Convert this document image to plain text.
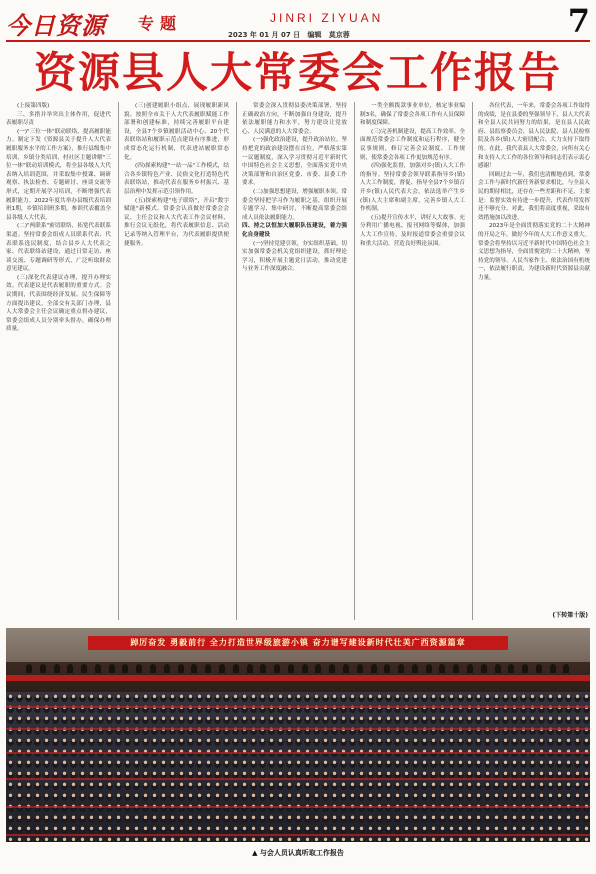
今日资源 专题	JINRI ZIYUAN
2023 年 01 月 07 日   编辑   莫京蓉	7
资源县人大常委会工作报告

(上接第四版)

三、多措并举突出主体作用，促进代表履职尽责

(一)"三位一体"联动联络，提高履职能力。制定下发《资源县关于提升人大代表履职服务水平的工作方案》，推行县级集中培训、乡镇分类培训、村社区主题讲解"三位一体"联动培训模式，将全县各级人大代表纳入培训范围，并采取集中授课、调研观察、执法检查、专题研讨、座谈交流等形式，定期开展学习培训，不断增强代表履职能力。2022年度共举办县级代表培训班1期，乡镇培训班多期，参训代表覆盖全县各级人大代表。

(二)"两联系"密切联络，拓宽代表联系渠道。坚持常委会组成人员联系代表、代表联系选民制度，结合县乡人大代表之家、代表联络站建设，通过日常走访、座谈交流、专题调研等形式，广泛听取群众意见建议。

(三)深化代表建议办理，提升办理实效。代表建议是代表履职的重要方式。会议期间，代表围绕经济发展、民生保障等方面提出建议，全部交有关部门办理，县人大常委会主任会议确定重点督办建议，常委会组成人员分别牵头督办，确保办理质量。

(三)创建履职小组点，展现履职新风貌。按照全市关于人大代表履职赋能工作部署和创建标准，持续完善履职平台建设，全县7个乡镇履职活动中心、20个代表联络站和履职示范点建设有序推进，形成常态化运行机制，代表进站履职常态化。

(四)探索构建"一站一品"工作模式，结合各乡镇特色产业、民俗文化打造特色代表联络站，推动代表在服务乡村振兴、基层治理中发挥示范引领作用。

(五)探索构建"电子联络"，开启"数字赋能"新模式。常委会认真做好常委会会议、主任会议和人大代表工作会议材料，推行会议无纸化，将代表履职信息、活动记录等纳入管理平台，为代表履职提供便捷服务。

常委会深入贯彻县委决策部署，坚持正确政治方向，不断加强自身建设，提升依法履职能力和水平，努力建设让党放心、人民满意的人大常委会。

(一)强化政治建设，提升政治站位。坚持把党的政治建设摆在首位，严格落实第一议题制度，深入学习贯彻习近平新时代中国特色社会主义思想，全面落实党中央决策部署和自治区党委、市委、县委工作要求。

(二)加强思想建设，增强履职本领。常委会坚持把学习作为履职之基，组织开展专题学习、集中研讨，不断提高常委会组成人员依法履职能力。

四、持之以恒加大履职队伍建设，着力强化自身建设

(一)坚持党建引领，夯实组织基础。切实加强常委会机关党组织建设，抓好理论学习，积极开展主题党日活动，推动党建与业务工作深度融合。

一类全额拨款事业单位，核定事业编制3名，确保了常委会各项工作有人员保障和制度保障。

(三)完善机制建设，提高工作效率。全面规范常委会工作制度和运行程序，健全议事规则，修订完善会议制度、工作规则，使常委会各项工作更加规范有序。

(四)强化监督，加强对乡(镇)人大工作的指导。坚持常委会领导联系指导乡(镇)人大工作制度，督促、指导全县7个乡镇召开乡(镇)人民代表大会，依法选举产生乡(镇)人大主席和副主席，完善乡镇人大工作机制。

(五)提升宣传水平，讲好人大故事。充分利用广播电视、报刊网络等媒体，加强人大工作宣传，及时报道常委会重要会议和重大活动，营造良好舆论氛围。

各位代表，一年来，常委会各项工作取得的成绩，是在县委的坚强领导下，县人大代表和全县人民共同努力的结果，是在县人民政府、县监察委员会、县人民法院、县人民检察院及各乡(镇)人大密切配合、大力支持下取得的。在此，我代表县人大常委会，向所有关心和支持人大工作的各位领导和同志们表示衷心感谢！

回顾过去一年，我们也清醒地看到，常委会工作与新时代新任务新要求相比，与全县人民的期待相比，还存在一些差距和不足，主要是：监督实效有待进一步提升，代表作用发挥还不够充分。对此，我们将高度重视，采取有效措施加以改进。

2023年是全面贯彻落实党的二十大精神的开局之年，做好今年的人大工作意义重大。常委会将坚持以习近平新时代中国特色社会主义思想为指导，全面贯彻党的二十大精神，坚持党的领导、人民当家作主、依法治国有机统一，依法履行职责，为建设新时代资源县贡献力量。

(下转第十版)
踔厉奋发 勇毅前行 全力打造世界级旅游小镇 奋力谱写建设新时代壮美广西资源篇章
▲ 与会人员认真听取工作报告
